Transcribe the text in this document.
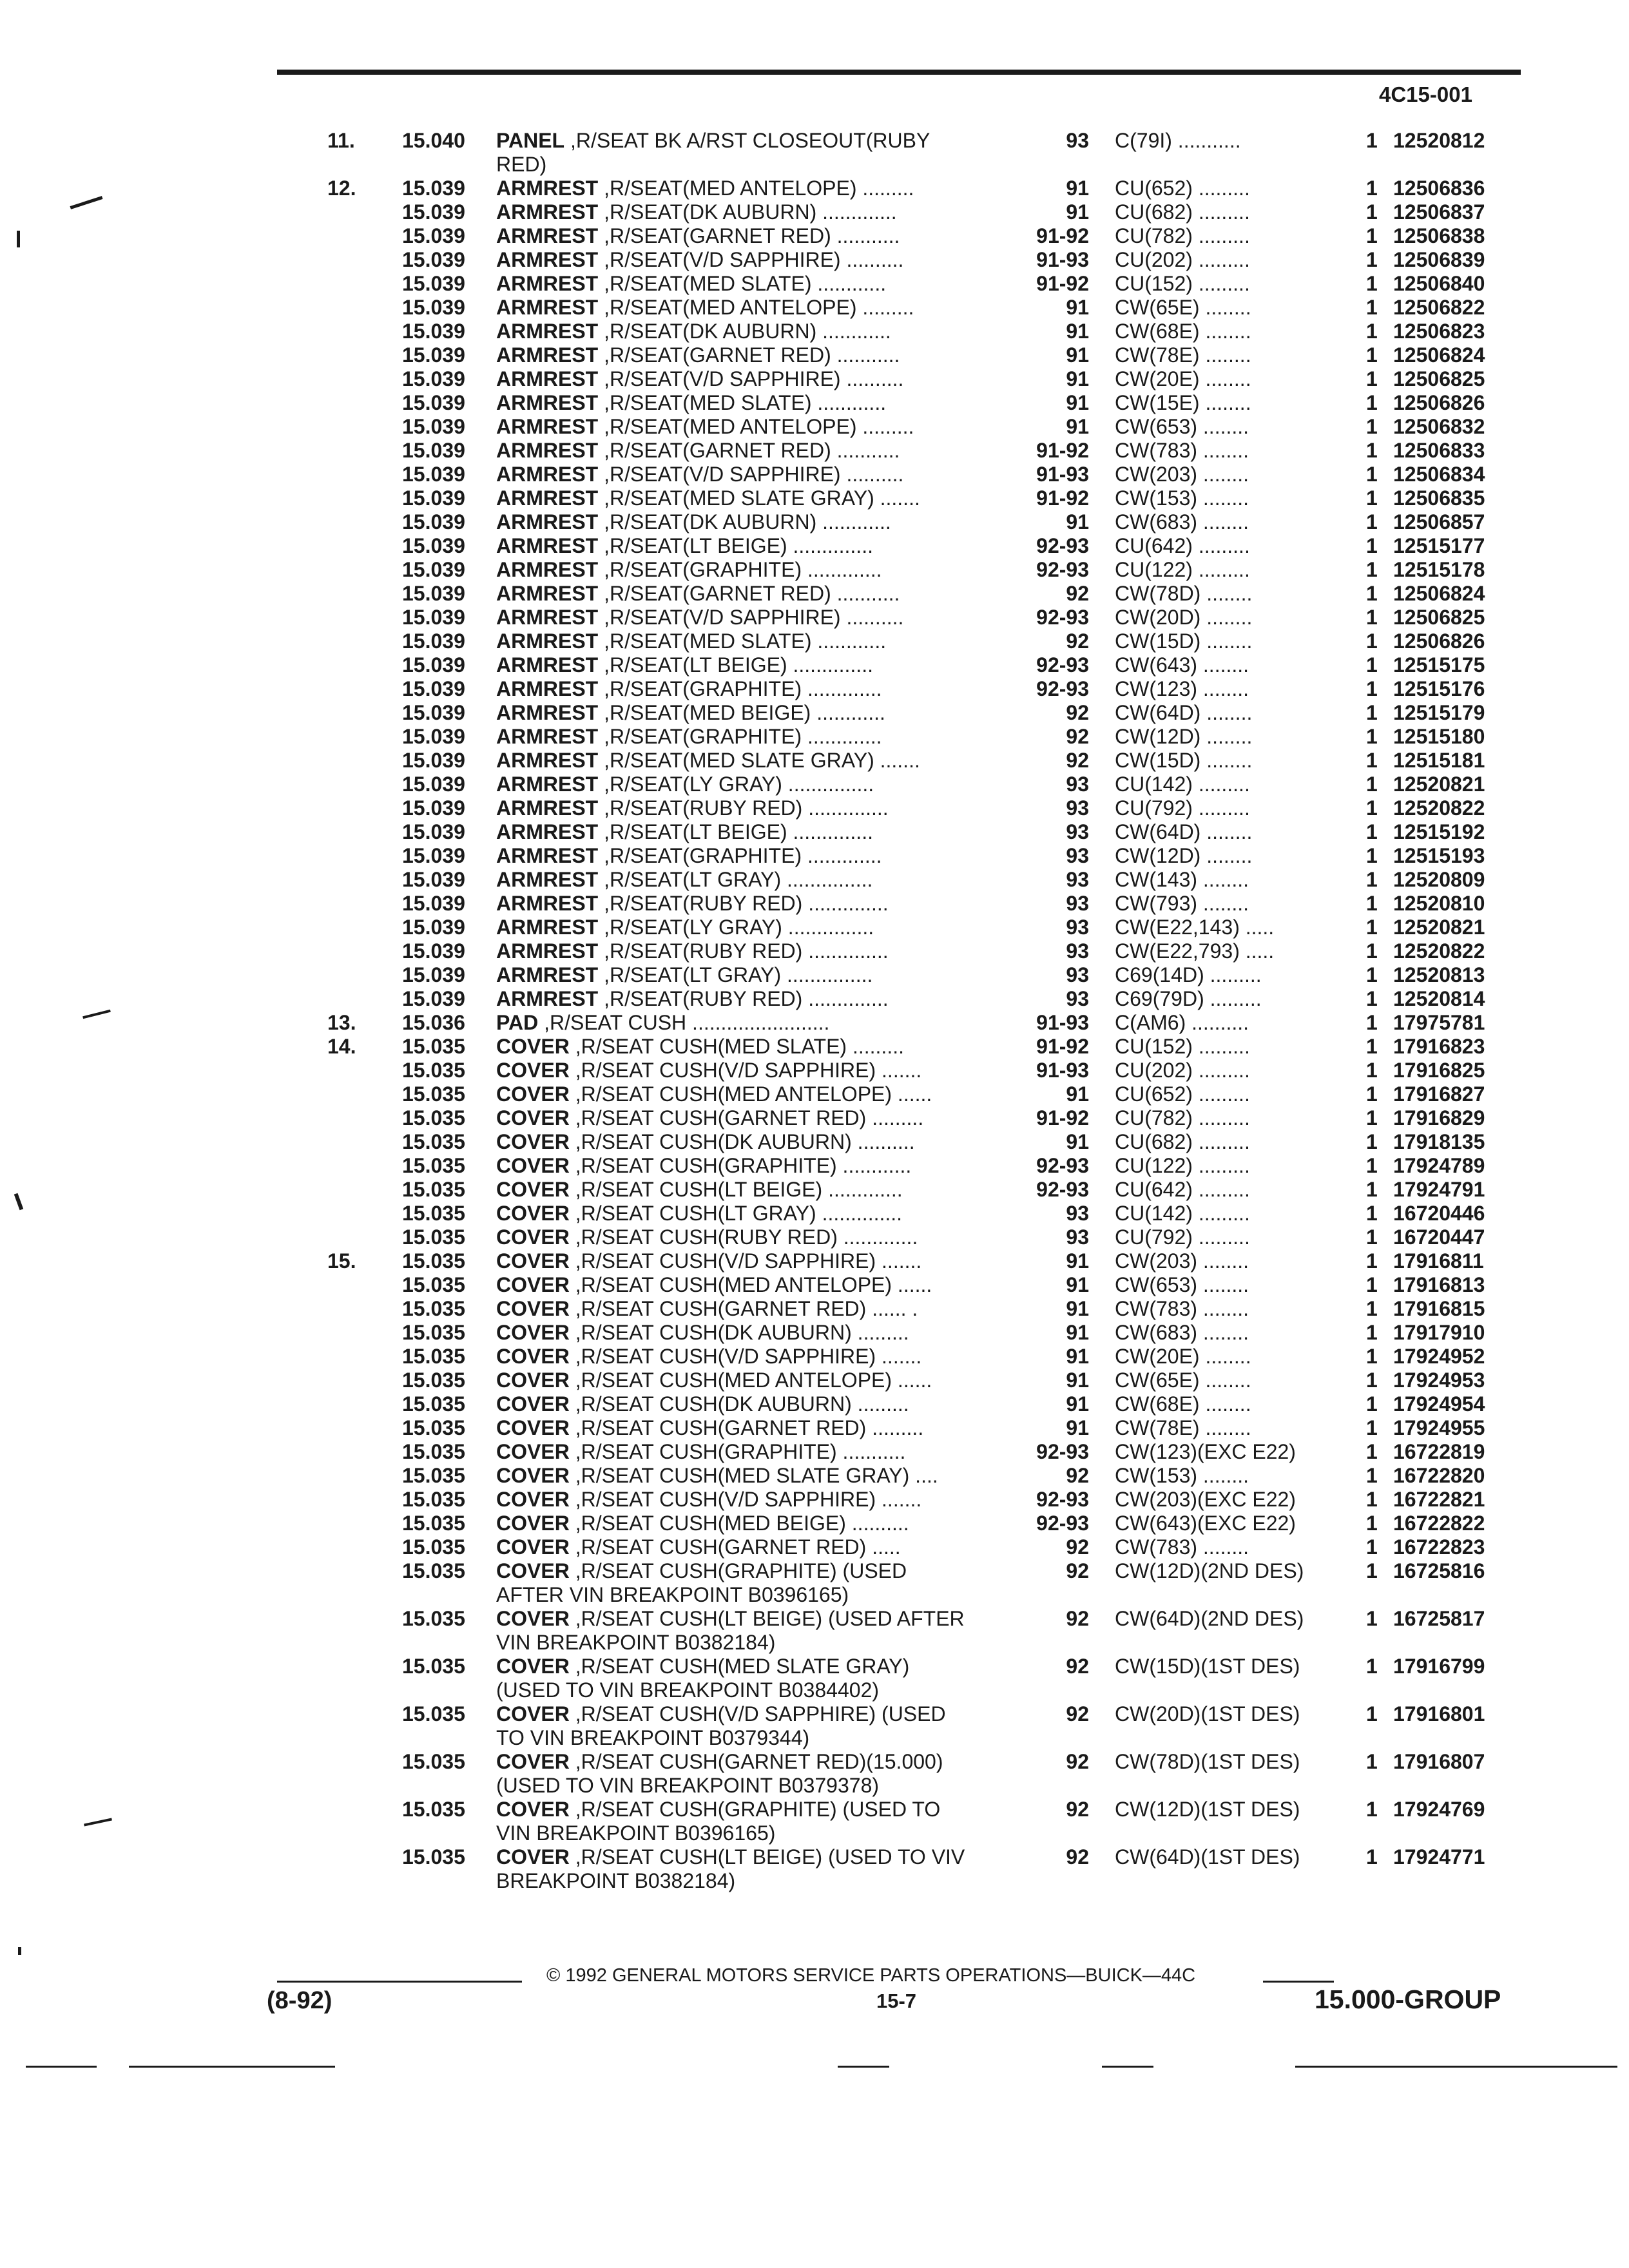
4C15-001
11. 15.040 PANEL ,R/SEAT BK A/RST CLOSEOUT(RUBY
RED)
93 C(79I) ...........	1 12520812
12. 15.039 ARMREST ,R/SEAT(MED ANTELOPE) .........	91 CU(652) .........	1 12506836
15.039 ARMREST ,R/SEAT(DK AUBURN) .............	91 CU(682) .........	1 12506837
15.039 ARMREST ,R/SEAT(GARNET RED) ...........	91-92 CU(782) .........	1 12506838
15.039 ARMREST ,R/SEAT(V/D SAPPHIRE) ..........	91-93 CU(202) .........	1 12506839
15.039 ARMREST ,R/SEAT(MED SLATE) ............	91-92 CU(152) .........	1 12506840
15.039 ARMREST ,R/SEAT(MED ANTELOPE) .........	91 CW(65E) ........	1 12506822
15.039 ARMREST ,R/SEAT(DK AUBURN) ............	91 CW(68E) ........	1 12506823
15.039 ARMREST ,R/SEAT(GARNET RED) ...........	91 CW(78E) ........	1 12506824
15.039 ARMREST ,R/SEAT(V/D SAPPHIRE) ..........	91 CW(20E) ........	1 12506825
15.039 ARMREST ,R/SEAT(MED SLATE) ............	91 CW(15E) ........	1 12506826
15.039 ARMREST ,R/SEAT(MED ANTELOPE) .........	91 CW(653) ........	1 12506832
15.039 ARMREST ,R/SEAT(GARNET RED) ...........	91-92 CW(783) ........	1 12506833
15.039 ARMREST ,R/SEAT(V/D SAPPHIRE) ..........	91-93 CW(203) ........	1 12506834
15.039 ARMREST ,R/SEAT(MED SLATE GRAY) .......	91-92 CW(153) ........	1 12506835
15.039 ARMREST ,R/SEAT(DK AUBURN) ............	91 CW(683) ........	1 12506857
15.039 ARMREST ,R/SEAT(LT BEIGE) ..............	92-93 CU(642) .........	1 12515177
15.039 ARMREST ,R/SEAT(GRAPHITE) .............	92-93 CU(122) .........	1 12515178
15.039 ARMREST ,R/SEAT(GARNET RED) ...........	92 CW(78D) ........	1 12506824
15.039 ARMREST ,R/SEAT(V/D SAPPHIRE) ..........	92-93 CW(20D) ........	1 12506825
15.039 ARMREST ,R/SEAT(MED SLATE) ............	92 CW(15D) ........	1 12506826
15.039 ARMREST ,R/SEAT(LT BEIGE) ..............	92-93 CW(643) ........	1 12515175
15.039 ARMREST ,R/SEAT(GRAPHITE) .............	92-93 CW(123) ........	1 12515176
15.039 ARMREST ,R/SEAT(MED BEIGE) ............	92 CW(64D) ........	1 12515179
15.039 ARMREST ,R/SEAT(GRAPHITE) .............	92 CW(12D) ........	1 12515180
15.039 ARMREST ,R/SEAT(MED SLATE GRAY) .......	92 CW(15D) ........	1 12515181
15.039 ARMREST ,R/SEAT(LY GRAY) ...............	93 CU(142) .........	1 12520821
15.039 ARMREST ,R/SEAT(RUBY RED) ..............	93 CU(792) .........	1 12520822
15.039 ARMREST ,R/SEAT(LT BEIGE) ..............	93 CW(64D) ........	1 12515192
15.039 ARMREST ,R/SEAT(GRAPHITE) .............	93 CW(12D) ........	1 12515193
15.039 ARMREST ,R/SEAT(LT GRAY) ...............	93 CW(143) ........	1 12520809
15.039 ARMREST ,R/SEAT(RUBY RED) ..............	93 CW(793) ........	1 12520810
15.039 ARMREST ,R/SEAT(LY GRAY) ...............	93 CW(E22,143) .....	1 12520821
15.039 ARMREST ,R/SEAT(RUBY RED) ..............	93 CW(E22,793) .....	1 12520822
15.039 ARMREST ,R/SEAT(LT GRAY) ...............	93 C69(14D) .........	1 12520813
15.039 ARMREST ,R/SEAT(RUBY RED) ..............	93 C69(79D) .........	1 12520814
13. 15.036 PAD ,R/SEAT CUSH ........................	91-93 C(AM6) ..........	1 17975781
14. 15.035 COVER ,R/SEAT CUSH(MED SLATE) .........	91-92 CU(152) .........	1 17916823
15.035 COVER ,R/SEAT CUSH(V/D SAPPHIRE) .......	91-93 CU(202) .........	1 17916825
15.035 COVER ,R/SEAT CUSH(MED ANTELOPE) ......	91 CU(652) .........	1 17916827
15.035 COVER ,R/SEAT CUSH(GARNET RED) .........	91-92 CU(782) .........	1 17916829
15.035 COVER ,R/SEAT CUSH(DK AUBURN) ..........	91 CU(682) .........	1 17918135
15.035 COVER ,R/SEAT CUSH(GRAPHITE) ............	92-93 CU(122) .........	1 17924789
15.035 COVER ,R/SEAT CUSH(LT BEIGE) .............	92-93 CU(642) .........	1 17924791
15.035 COVER ,R/SEAT CUSH(LT GRAY) ..............	93 CU(142) .........	1 16720446
15.035 COVER ,R/SEAT CUSH(RUBY RED) .............	93 CU(792) .........	1 16720447
15. 15.035 COVER ,R/SEAT CUSH(V/D SAPPHIRE) .......	91 CW(203) ........	1 17916811
15.035 COVER ,R/SEAT CUSH(MED ANTELOPE) ......	91 CW(653) ........	1 17916813
15.035 COVER ,R/SEAT CUSH(GARNET RED) ...... .	91 CW(783) ........	1 17916815
15.035 COVER ,R/SEAT CUSH(DK AUBURN) .........	91 CW(683) ........	1 17917910
15.035 COVER ,R/SEAT CUSH(V/D SAPPHIRE) .......	91 CW(20E) ........	1 17924952
15.035 COVER ,R/SEAT CUSH(MED ANTELOPE) ......	91 CW(65E) ........	1 17924953
15.035 COVER ,R/SEAT CUSH(DK AUBURN) .........	91 CW(68E) ........	1 17924954
15.035 COVER ,R/SEAT CUSH(GARNET RED) .........	91 CW(78E) ........	1 17924955
15.035 COVER ,R/SEAT CUSH(GRAPHITE) ...........	92-93 CW(123)(EXC E22)	1 16722819
15.035 COVER ,R/SEAT CUSH(MED SLATE GRAY) ....	92 CW(153) ........	1 16722820
15.035 COVER ,R/SEAT CUSH(V/D SAPPHIRE) .......	92-93 CW(203)(EXC E22)	1 16722821
15.035 COVER ,R/SEAT CUSH(MED BEIGE) ..........	92-93 CW(643)(EXC E22)	1 16722822
15.035 COVER ,R/SEAT CUSH(GARNET RED) .....	92 CW(783) ........	1 16722823
15.035 COVER ,R/SEAT CUSH(GRAPHITE) (USED
AFTER VIN BREAKPOINT B0396165)
92 CW(12D)(2ND DES)	1 16725816
15.035 COVER ,R/SEAT CUSH(LT BEIGE) (USED AFTER
VIN BREAKPOINT B0382184)
92 CW(64D)(2ND DES)	1 16725817
15.035 COVER ,R/SEAT CUSH(MED SLATE GRAY)
(USED TO VIN BREAKPOINT B0384402)
92 CW(15D)(1ST DES)	1 17916799
15.035 COVER ,R/SEAT CUSH(V/D SAPPHIRE) (USED
TO VIN BREAKPOINT B0379344)
92 CW(20D)(1ST DES)	1 17916801
15.035 COVER ,R/SEAT CUSH(GARNET RED)(15.000)
(USED TO VIN BREAKPOINT B0379378)
92 CW(78D)(1ST DES)	1 17916807
15.035 COVER ,R/SEAT CUSH(GRAPHITE) (USED TO
VIN BREAKPOINT B0396165)
92 CW(12D)(1ST DES)	1 17924769
15.035 COVER ,R/SEAT CUSH(LT BEIGE) (USED TO VIV
BREAKPOINT B0382184)
92 CW(64D)(1ST DES)	1 17924771
© 1992 GENERAL MOTORS SERVICE PARTS OPERATIONS—BUICK—44C
(8-92)	15-7	15.000-GROUP
